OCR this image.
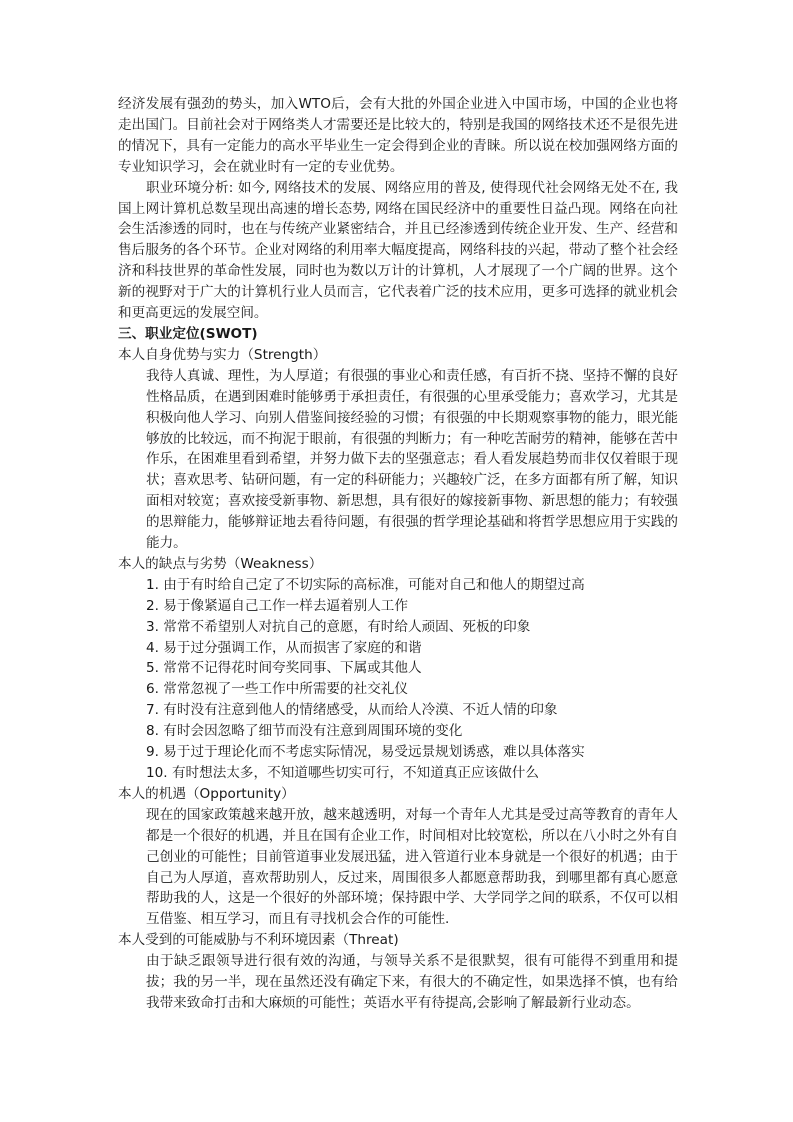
经济发展有强劲的势头，加入WTO后，会有大批的外国企业进入中国市场，中国的企业也将走出国门。目前社会对于网络类人才需要还是比较大的，特别是我国的网络技术还不是很先进的情况下，具有一定能力的高水平毕业生一定会得到企业的青睐。所以说在校加强网络方面的专业知识学习，会在就业时有一定的专业优势。

职业环境分析: 如今, 网络技术的发展、网络应用的普及, 使得现代社会网络无处不在, 我国上网计算机总数呈现出高速的增长态势, 网络在国民经济中的重要性日益凸现。网络在向社会生活渗透的同时，也在与传统产业紧密结合，并且已经渗透到传统企业开发、生产、经营和售后服务的各个环节。企业对网络的利用率大幅度提高，网络科技的兴起，带动了整个社会经济和科技世界的革命性发展，同时也为数以万计的计算机，人才展现了一个广阔的世界。这个新的视野对于广大的计算机行业人员而言，它代表着广泛的技术应用，更多可选择的就业机会和更高更远的发展空间。

三、职业定位(SWOT)

本人自身优势与实力（Strength）

我待人真诚、理性，为人厚道；有很强的事业心和责任感，有百折不挠、坚持不懈的良好性格品质，在遇到困难时能够勇于承担责任，有很强的心里承受能力；喜欢学习，尤其是积极向他人学习、向别人借鉴间接经验的习惯；有很强的中长期观察事物的能力，眼光能够放的比较远，而不拘泥于眼前，有很强的判断力；有一种吃苦耐劳的精神，能够在苦中作乐，在困难里看到希望，并努力做下去的坚强意志；看人看发展趋势而非仅仅着眼于现状；喜欢思考、钻研问题，有一定的科研能力；兴趣较广泛，在多方面都有所了解，知识面相对较宽；喜欢接受新事物、新思想，具有很好的嫁接新事物、新思想的能力；有较强的思辩能力，能够辩证地去看待问题，有很强的哲学理论基础和将哲学思想应用于实践的能力。

本人的缺点与劣势（Weakness）

1. 由于有时给自己定了不切实际的高标准，可能对自己和他人的期望过高
2. 易于像紧逼自己工作一样去逼着别人工作
3. 常常不希望别人对抗自己的意愿，有时给人顽固、死板的印象
4. 易于过分强调工作，从而损害了家庭的和谐
5. 常常不记得花时间夸奖同事、下属或其他人
6. 常常忽视了一些工作中所需要的社交礼仪
7. 有时没有注意到他人的情绪感受，从而给人冷漠、不近人情的印象
8. 有时会因忽略了细节而没有注意到周围环境的变化
9. 易于过于理论化而不考虑实际情况，易受远景规划诱惑，难以具体落实
10. 有时想法太多，不知道哪些切实可行，不知道真正应该做什么

本人的机遇（Opportunity）

现在的国家政策越来越开放，越来越透明，对每一个青年人尤其是受过高等教育的青年人都是一个很好的机遇，并且在国有企业工作，时间相对比较宽松，所以在八小时之外有自己创业的可能性；目前管道事业发展迅猛，进入管道行业本身就是一个很好的机遇；由于自己为人厚道，喜欢帮助别人，反过来，周围很多人都愿意帮助我，到哪里都有真心愿意帮助我的人，这是一个很好的外部环境；保持跟中学、大学同学之间的联系，不仅可以相互借鉴、相互学习，而且有寻找机会合作的可能性.

本人受到的可能威胁与不利环境因素（Threat)

由于缺乏跟领导进行很有效的沟通，与领导关系不是很默契，很有可能得不到重用和提拔；我的另一半，现在虽然还没有确定下来，有很大的不确定性，如果选择不慎，也有给我带来致命打击和大麻烦的可能性；英语水平有待提高,会影响了解最新行业动态。
